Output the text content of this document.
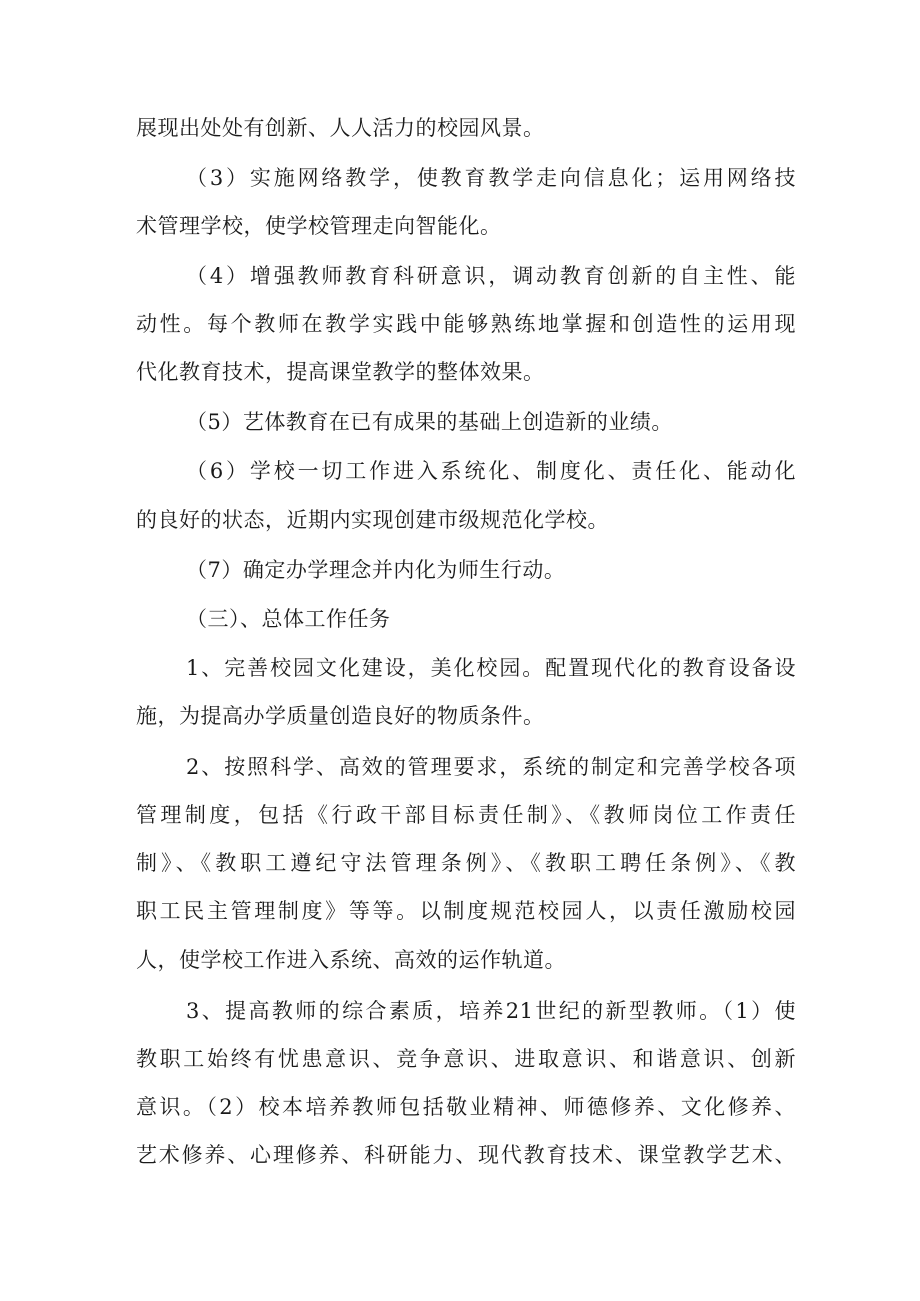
展现出处处有创新、人人活力的校园风景。
（3）实施网络教学，使教育教学走向信息化；运用网络技
术管理学校，使学校管理走向智能化。
（4）增强教师教育科研意识，调动教育创新的自主性、能
动性。每个教师在教学实践中能够熟练地掌握和创造性的运用现
代化教育技术，提高课堂教学的整体效果。
（5）艺体教育在已有成果的基础上创造新的业绩。
（6）学校一切工作进入系统化、制度化、责任化、能动化
的良好的状态，近期内实现创建市级规范化学校。
（7）确定办学理念并内化为师生行动。
（三）、总体工作任务
1、完善校园文化建设，美化校园。配置现代化的教育设备设
施，为提高办学质量创造良好的物质条件。
2、按照科学、高效的管理要求，系统的制定和完善学校各项
管理制度，包括《行政干部目标责任制》、《教师岗位工作责任
制》、《教职工遵纪守法管理条例》、《教职工聘任条例》、《教
职工民主管理制度》等等。以制度规范校园人，以责任激励校园
人，使学校工作进入系统、高效的运作轨道。
3、提高教师的综合素质，培养21世纪的新型教师。（1）使
教职工始终有忧患意识、竞争意识、进取意识、和谐意识、创新
意识。（2）校本培养教师包括敬业精神、师德修养、文化修养、
艺术修养、心理修养、科研能力、现代教育技术、课堂教学艺术、
